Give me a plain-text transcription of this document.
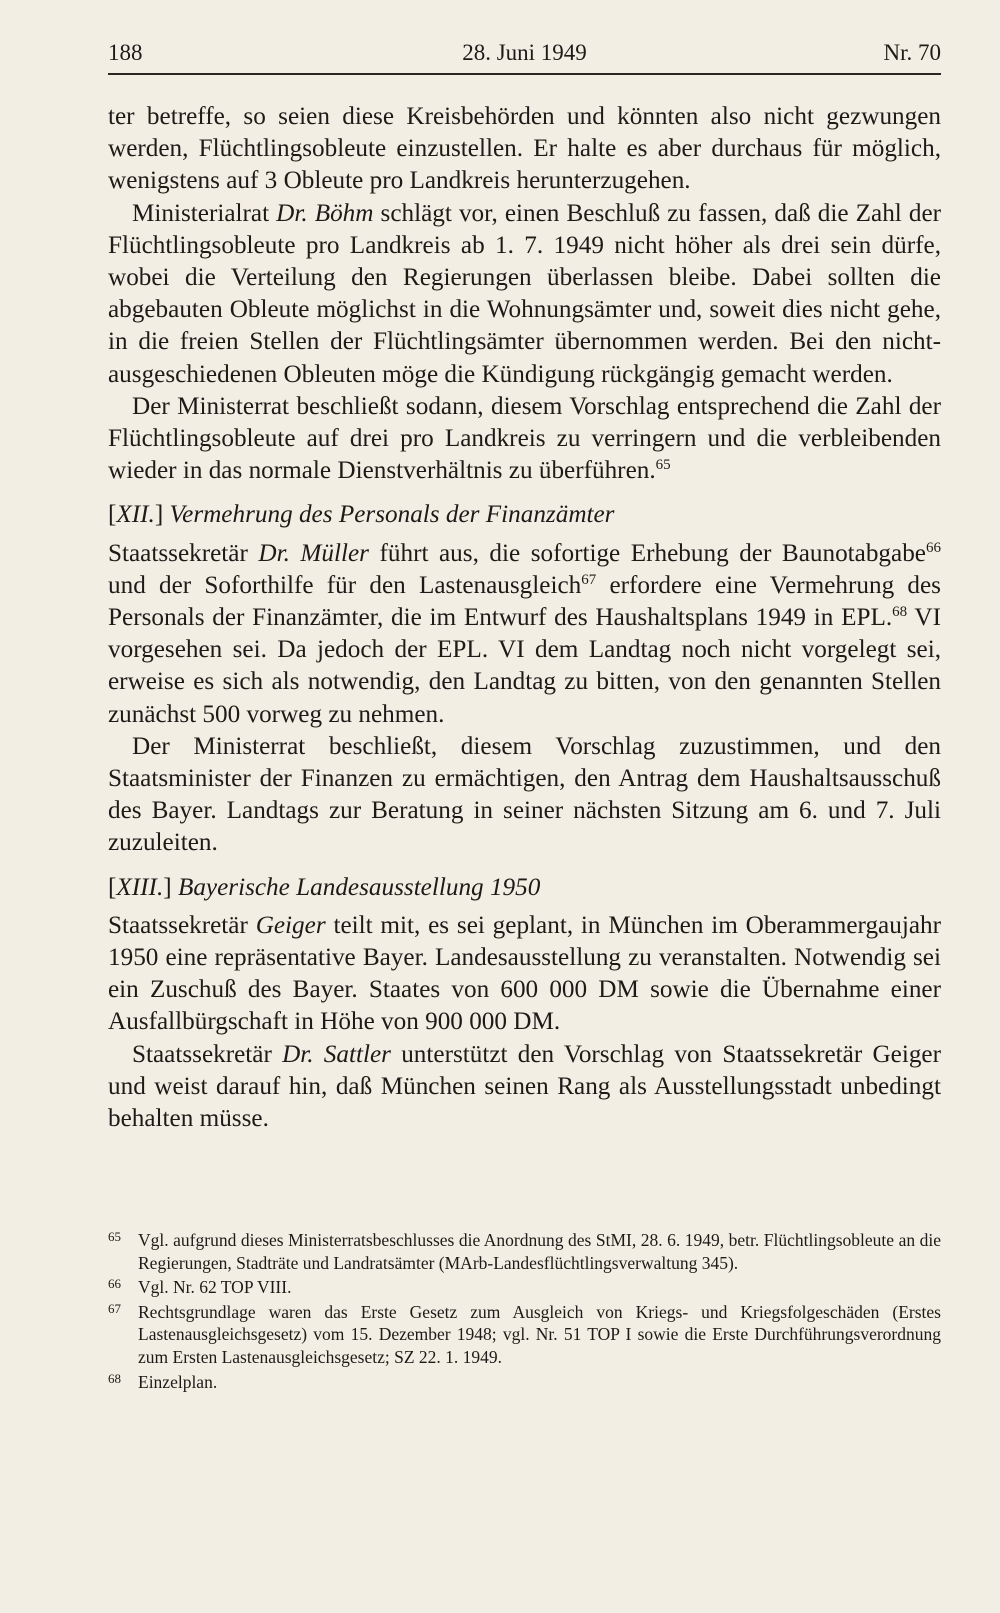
28. Juni 1949
188	Nr. 70

ter betreffe, so seien diese Kreisbehörden und könnten also nicht gezwungen werden, Flüchtlingsobleute einzustellen. Er halte es aber durchaus für möglich, wenigstens auf 3 Obleute pro Landkreis herunterzugehen.

Ministerialrat Dr. Böhm schlägt vor, einen Beschluß zu fassen, daß die Zahl der Flüchtlingsobleute pro Landkreis ab 1. 7. 1949 nicht höher als drei sein dürfe, wobei die Verteilung den Regierungen überlassen bleibe. Dabei sollten die abgebauten Obleute möglichst in die Wohnungsämter und, soweit dies nicht gehe, in die freien Stellen der Flüchtlingsämter übernommen werden. Bei den nicht-ausgeschiedenen Obleuten möge die Kündigung rückgängig gemacht werden.

Der Ministerrat beschließt sodann, diesem Vorschlag entsprechend die Zahl der Flüchtlingsobleute auf drei pro Landkreis zu verringern und die verbleibenden wieder in das normale Dienstverhältnis zu überführen.$^{65}$

[XII.] Vermehrung des Personals der Finanzämter

Staatssekretär Dr. Müller führt aus, die sofortige Erhebung der Baunotabgabe$^{66}$ und der Soforthilfe für den Lastenausgleich$^{67}$ erfordere eine Vermehrung des Personals der Finanzämter, die im Entwurf des Haushaltsplans 1949 in EPL.$^{68}$ VI vorgesehen sei. Da jedoch der EPL. VI dem Landtag noch nicht vorgelegt sei, erweise es sich als notwendig, den Landtag zu bitten, von den genannten Stellen zunächst 500 vorweg zu nehmen.

Der Ministerrat beschließt, diesem Vorschlag zuzustimmen, und den Staatsminister der Finanzen zu ermächtigen, den Antrag dem Haushaltsausschuß des Bayer. Landtags zur Beratung in seiner nächsten Sitzung am 6. und 7. Juli zuzuleiten.

[XIII.] Bayerische Landesausstellung 1950

Staatssekretär Geiger teilt mit, es sei geplant, in München im Oberammergaujahr 1950 eine repräsentative Bayer. Landesausstellung zu veranstalten. Notwendig sei ein Zuschuß des Bayer. Staates von 600 000 DM sowie die Übernahme einer Ausfallbürgschaft in Höhe von 900 000 DM.

Staatssekretär Dr. Sattler unterstützt den Vorschlag von Staatssekretär Geiger und weist darauf hin, daß München seinen Rang als Ausstellungsstadt unbedingt behalten müsse.

65 Vgl. aufgrund dieses Ministerratsbeschlusses die Anordnung des StMI, 28. 6. 1949, betr. Flüchtlingsobleute an die Regierungen, Stadträte und Landratsämter (MArb-Landesflüchtlingsverwaltung 345).
66 Vgl. Nr. 62 TOP VIII.
67 Rechtsgrundlage waren das Erste Gesetz zum Ausgleich von Kriegs- und Kriegsfolgeschäden (Erstes Lastenausgleichsgesetz) vom 15. Dezember 1948; vgl. Nr. 51 TOP I sowie die Erste Durchführungsverordnung zum Ersten Lastenausgleichsgesetz; SZ 22. 1. 1949.
68 Einzelplan.
